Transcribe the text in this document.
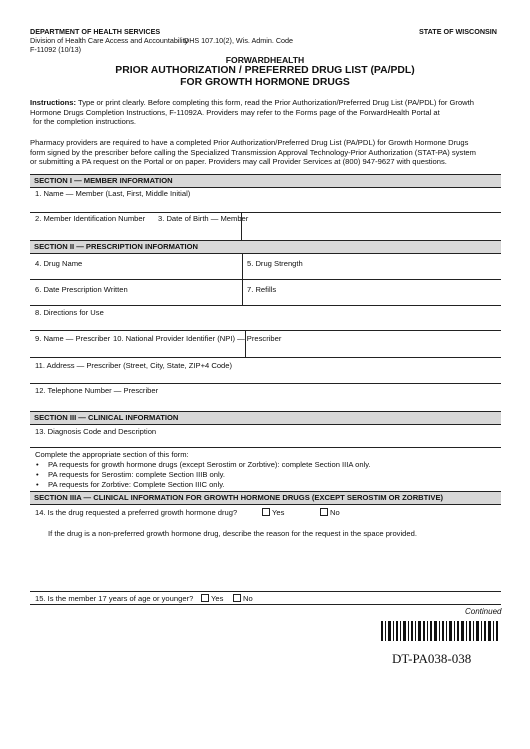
DEPARTMENT OF HEALTH SERVICES	STATE OF WISCONSIN
Division of Health Care Access and Accountability
DHS 107.10(2), Wis. Admin. Code
F-11092 (10/13)
FORWARDHEALTH
PRIOR AUTHORIZATION / PREFERRED DRUG LIST (PA/PDL)
FOR GROWTH HORMONE DRUGS
Instructions: Type or print clearly. Before completing this form, read the Prior Authorization/Preferred Drug List (PA/PDL) for Growth
Hormone Drugs Completion Instructions, F-11092A. Providers may refer to the Forms page of the ForwardHealth Portal at
for the completion instructions.
Pharmacy providers are required to have a completed Prior Authorization/Preferred Drug List (PA/PDL) for Growth Hormone Drugs
form signed by the prescriber before calling the Specialized Transmission Approval Technology-Prior Authorization (STAT-PA) system
or submitting a PA request on the Portal or on paper. Providers may call Provider Services at (800) 947-9627 with questions.
SECTION I — MEMBER INFORMATION
1. Name — Member (Last, First, Middle Initial)
2. Member Identification Number 3. Date of Birth — Member
SECTION II — PRESCRIPTION INFORMATION
4. Drug Name	5. Drug Strength
6. Date Prescription Written	7. Refills
8. Directions for Use
9. Name — Prescriber 10. National Provider Identifier (NPI) — Prescriber
11. Address — Prescriber (Street, City, State, ZIP+4 Code)
12. Telephone Number — Prescriber
SECTION III — CLINICAL INFORMATION
13. Diagnosis Code and Description
Complete the appropriate section of this form:
• PA requests for growth hormone drugs (except Serostim or Zorbtive): complete Section IIIA only.
• PA requests for Serostim: complete Section IIIB only.
• PA requests for Zorbtive: Complete Section IIIC only.
SECTION IIIA — CLINICAL INFORMATION FOR GROWTH HORMONE DRUGS (EXCEPT SEROSTIM OR ZORBTIVE)
14. Is the drug requested a preferred growth hormone drug?	Yes	No
If the drug is a non-preferred growth hormone drug, describe the reason for the request in the space provided.
15. Is the member 17 years of age or younger?	Yes	No
Continued
DT-PA038-038
